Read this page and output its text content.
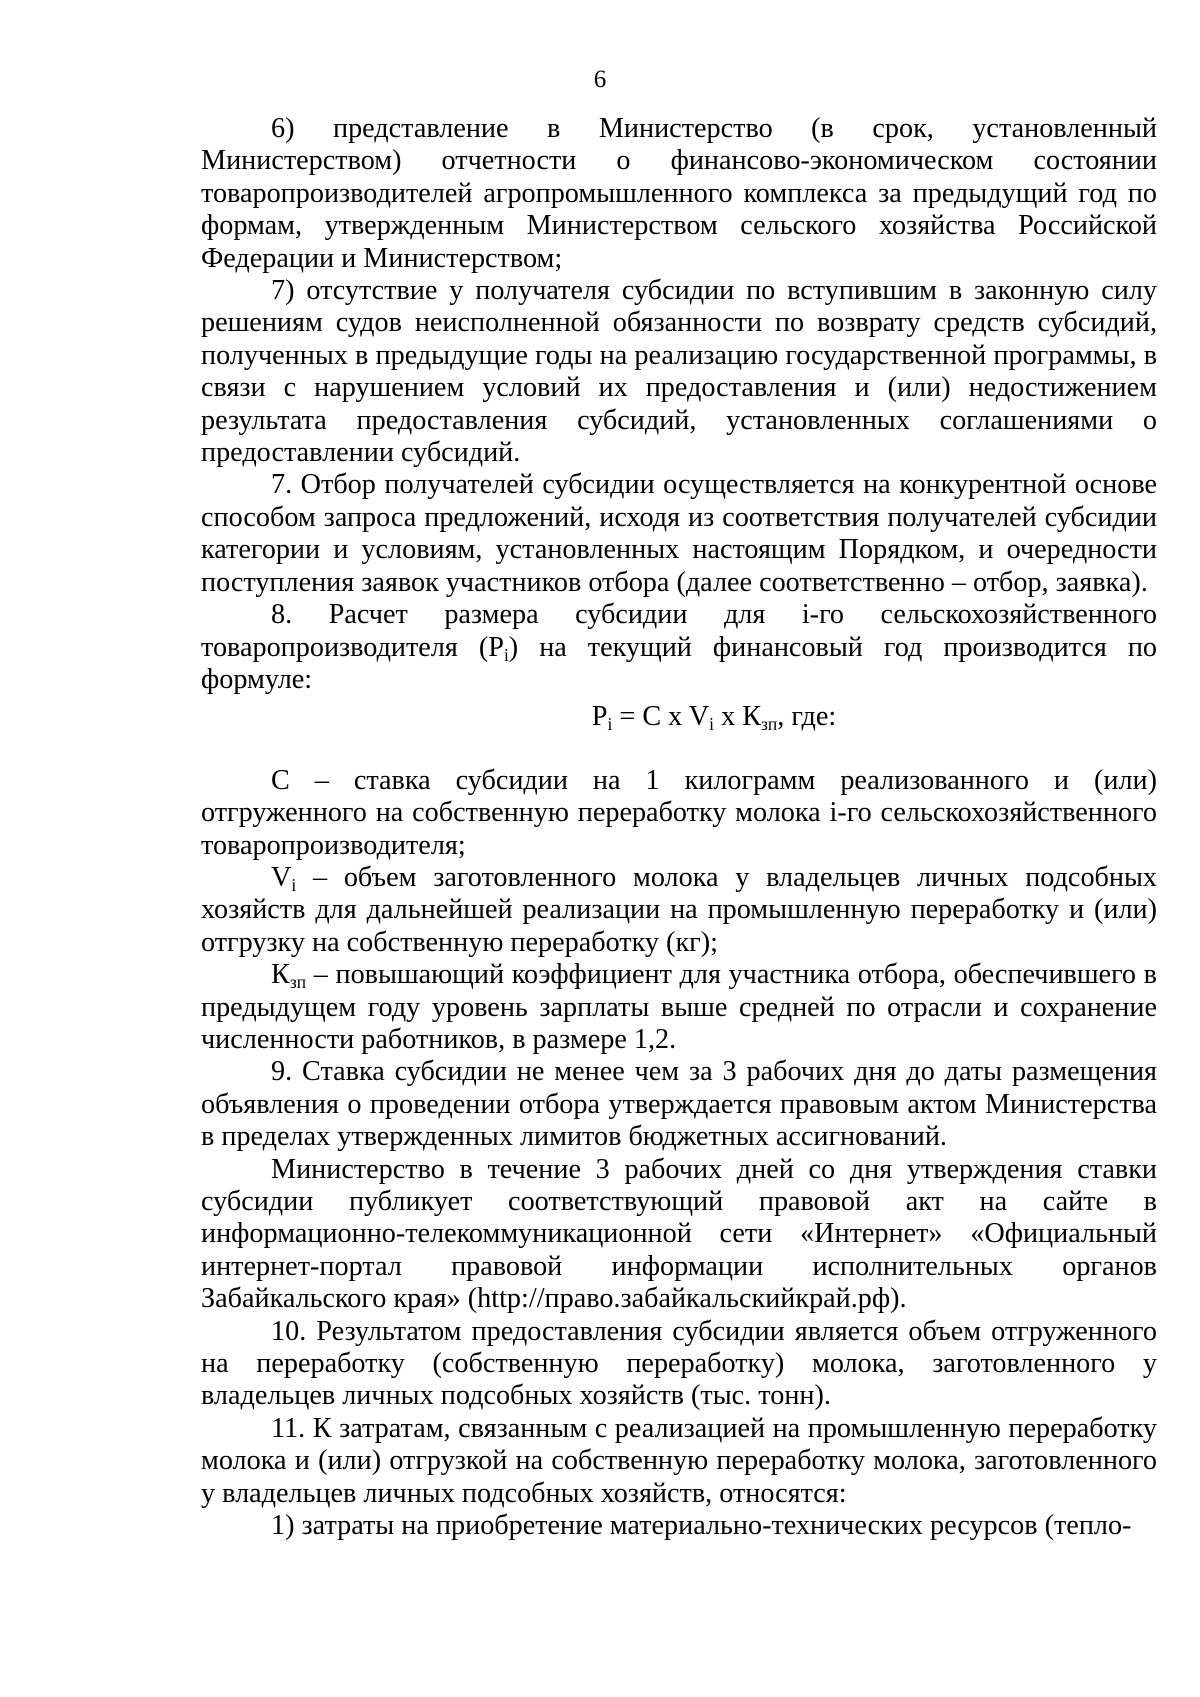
6

6) представление в Министерство (в срок, установленный Министерством) отчетности о финансово-экономическом состоянии товаропроизводителей агропромышленного комплекса за предыдущий год по формам, утвержденным Министерством сельского хозяйства Российской Федерации и Министерством;

7) отсутствие у получателя субсидии по вступившим в законную силу решениям судов неисполненной обязанности по возврату средств субсидий, полученных в предыдущие годы на реализацию государственной программы, в связи с нарушением условий их предоставления и (или) недостижением результата предоставления субсидий, установленных соглашениями о предоставлении субсидий.

7. Отбор получателей субсидии осуществляется на конкурентной основе способом запроса предложений, исходя из соответствия получателей субсидии категории и условиям, установленных настоящим Порядком, и очередности поступления заявок участников отбора (далее соответственно – отбор, заявка).

8. Расчет размера субсидии для i-го сельскохозяйственного товаропроизводителя $(P_i)$ на текущий финансовый год производится по формуле:

$P_i = C$ x $V_i$ x $К_{зп}$, где:

C – ставка субсидии на 1 килограмм реализованного и (или) отгруженного на собственную переработку молока i-го сельскохозяйственного товаропроизводителя;

$V_i$ – объем заготовленного молока у владельцев личных подсобных хозяйств для дальнейшей реализации на промышленную переработку и (или) отгрузку на собственную переработку (кг);

$К_{зп}$ – повышающий коэффициент для участника отбора, обеспечившего в предыдущем году уровень зарплаты выше средней по отрасли и сохранение численности работников, в размере 1,2.

9. Ставка субсидии не менее чем за 3 рабочих дня до даты размещения объявления о проведении отбора утверждается правовым актом Министерства в пределах утвержденных лимитов бюджетных ассигнований.

Министерство в течение 3 рабочих дней со дня утверждения ставки субсидии публикует соответствующий правовой акт на сайте в информационно-телекоммуникационной сети «Интернет» «Официальный интернет-портал правовой информации исполнительных органов Забайкальского края» (http://право.забайкальскийкрай.рф).

10. Результатом предоставления субсидии является объем отгруженного на переработку (собственную переработку) молока, заготовленного у владельцев личных подсобных хозяйств (тыс. тонн).

11. К затратам, связанным с реализацией на промышленную переработку молока и (или) отгрузкой на собственную переработку молока, заготовленного у владельцев личных подсобных хозяйств, относятся:

1) затраты на приобретение материально-технических ресурсов (тепло-
